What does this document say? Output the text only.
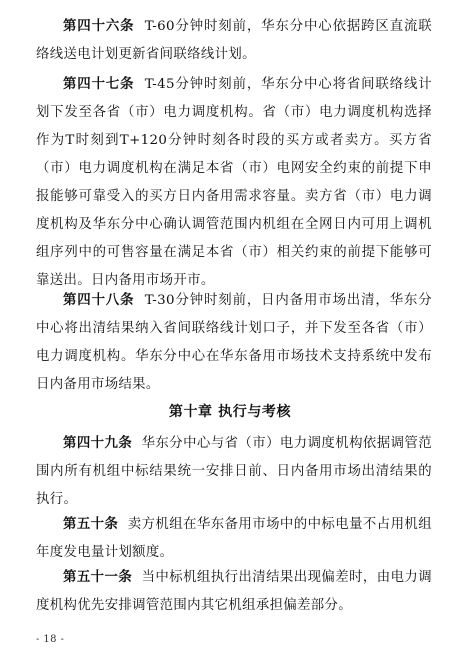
第四十六条 T-60分钟时刻前，华东分中心依据跨区直流联络线送电计划更新省间联络线计划。

第四十七条 T-45分钟时刻前，华东分中心将省间联络线计划下发至各省（市）电力调度机构。省（市）电力调度机构选择作为T时刻到T+120分钟时刻各时段的买方或者卖方。买方省（市）电力调度机构在满足本省（市）电网安全约束的前提下申报能够可靠受入的买方日内备用需求容量。卖方省（市）电力调度机构及华东分中心确认调管范围内机组在全网日内可用上调机组序列中的可售容量在满足本省（市）相关约束的前提下能够可靠送出。日内备用市场开市。

第四十八条 T-30分钟时刻前，日内备用市场出清，华东分中心将出清结果纳入省间联络线计划口子，并下发至各省（市）电力调度机构。华东分中心在华东备用市场技术支持系统中发布日内备用市场结果。

第十章 执行与考核

第四十九条 华东分中心与省（市）电力调度机构依据调管范围内所有机组中标结果统一安排日前、日内备用市场出清结果的执行。

第五十条 卖方机组在华东备用市场中的中标电量不占用机组年度发电量计划额度。

第五十一条 当中标机组执行出清结果出现偏差时，由电力调度机构优先安排调管范围内其它机组承担偏差部分。

- 18 -
